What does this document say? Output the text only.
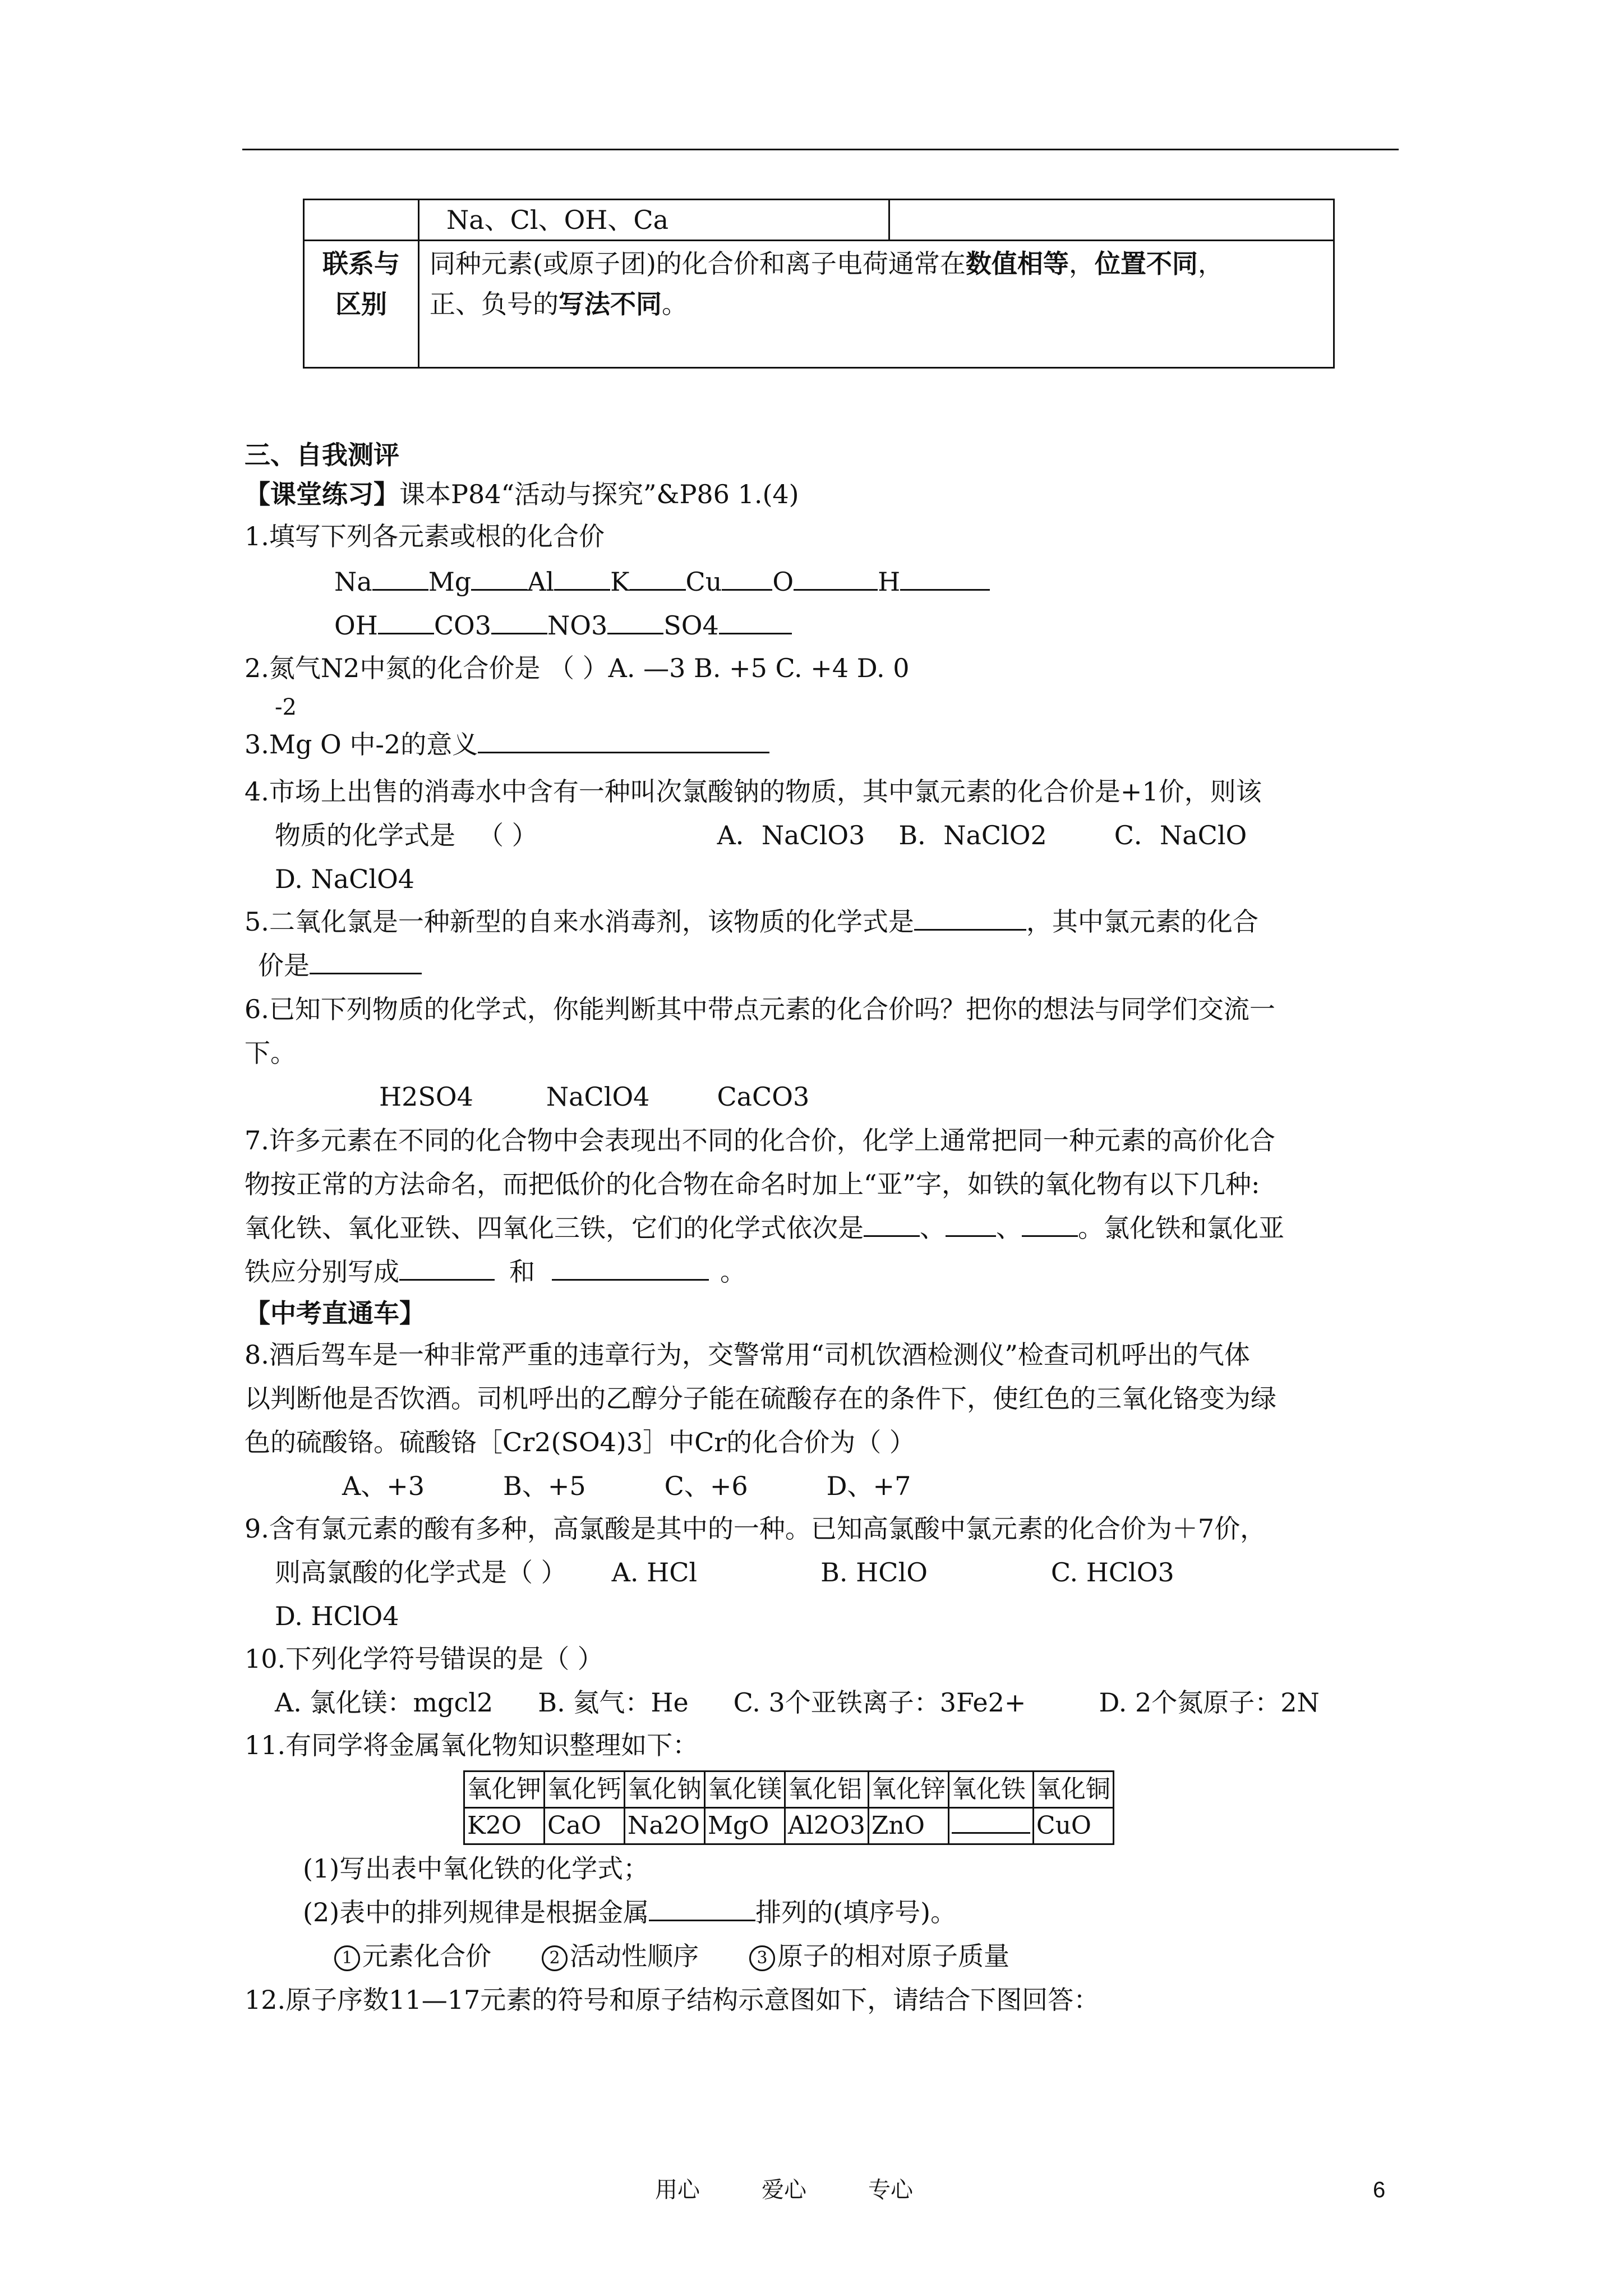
	Na、Cl、OH、Ca	
联系与区别	同种元素(或原子团)的化合价和离子电荷通常在数值相等，位置不同，
正、负号的写法不同。	
三、自我测评
【课堂练习】课本P84“活动与探究”&P86 1.(4)
1.填写下列各元素或根的化合价
Na Mg Al K Cu O	H
OH CO3 NO3 SO4
2.氮气N2中氮的化合价是 （ ）A. —3 B. +5 C. +4 D. 0
-2
3.Mg O 中-2的意义
4.市场上出售的消毒水中含有一种叫次氯酸钠的物质，其中氯元素的化合价是+1价，则该
物质的化学式是 （ ）	A．NaClO3 B．NaClO2	C．NaClO
D. NaClO4
5.二氧化氯是一种新型的自来水消毒剂，该物质的化学式是	，其中氯元素的化合
价是
6.已知下列物质的化学式，你能判断其中带点元素的化合价吗？把你的想法与同学们交流一
下。
H2SO4	NaClO4	CaCO3
7.许多元素在不同的化合物中会表现出不同的化合价，化学上通常把同一种元素的高价化合
物按正常的方法命名，而把低价的化合物在命名时加上“亚”字，如铁的氧化物有以下几种:
氧化铁、氧化亚铁、四氧化三铁，它们的化学式依次是 、 、 。氯化铁和氯化亚
铁应分别写成	和	。
【中考直通车】
8.酒后驾车是一种非常严重的违章行为，交警常用“司机饮酒检测仪”检查司机呼出的气体
以判断他是否饮酒。司机呼出的乙醇分子能在硫酸存在的条件下，使红色的三氧化铬变为绿
色的硫酸铬。硫酸铬［Cr2(SO4)3］中Cr的化合价为（ ）
A、+3	B、+5	C、+6	D、+7
9.含有氯元素的酸有多种，高氯酸是其中的一种。已知高氯酸中氯元素的化合价为＋7价，
则高氯酸的化学式是（ ） A. HCl	B. HClO	C. HClO3
D. HClO4
10.下列化学符号错误的是（ ）
A. 氯化镁：mgcl2 B. 氦气：He C. 3个亚铁离子：3Fe2+	D. 2个氮原子：2N
11.有同学将金属氧化物知识整理如下：
氧化钾	氧化钙	氧化钠	氧化镁	氧化铝	氧化锌	氧化铁	氧化铜
K2O	CaO	Na2O	MgO	Al2O3	ZnO		CuO
(1)写出表中氧化铁的化学式；
(2)表中的排列规律是根据金属	排列的(填序号)。
1 元素化合价	2 活动性顺序	3 原子的相对原子质量
12.原子序数11—17元素的符号和原子结构示意图如下，请结合下图回答：
用心	爱心	专心	6
